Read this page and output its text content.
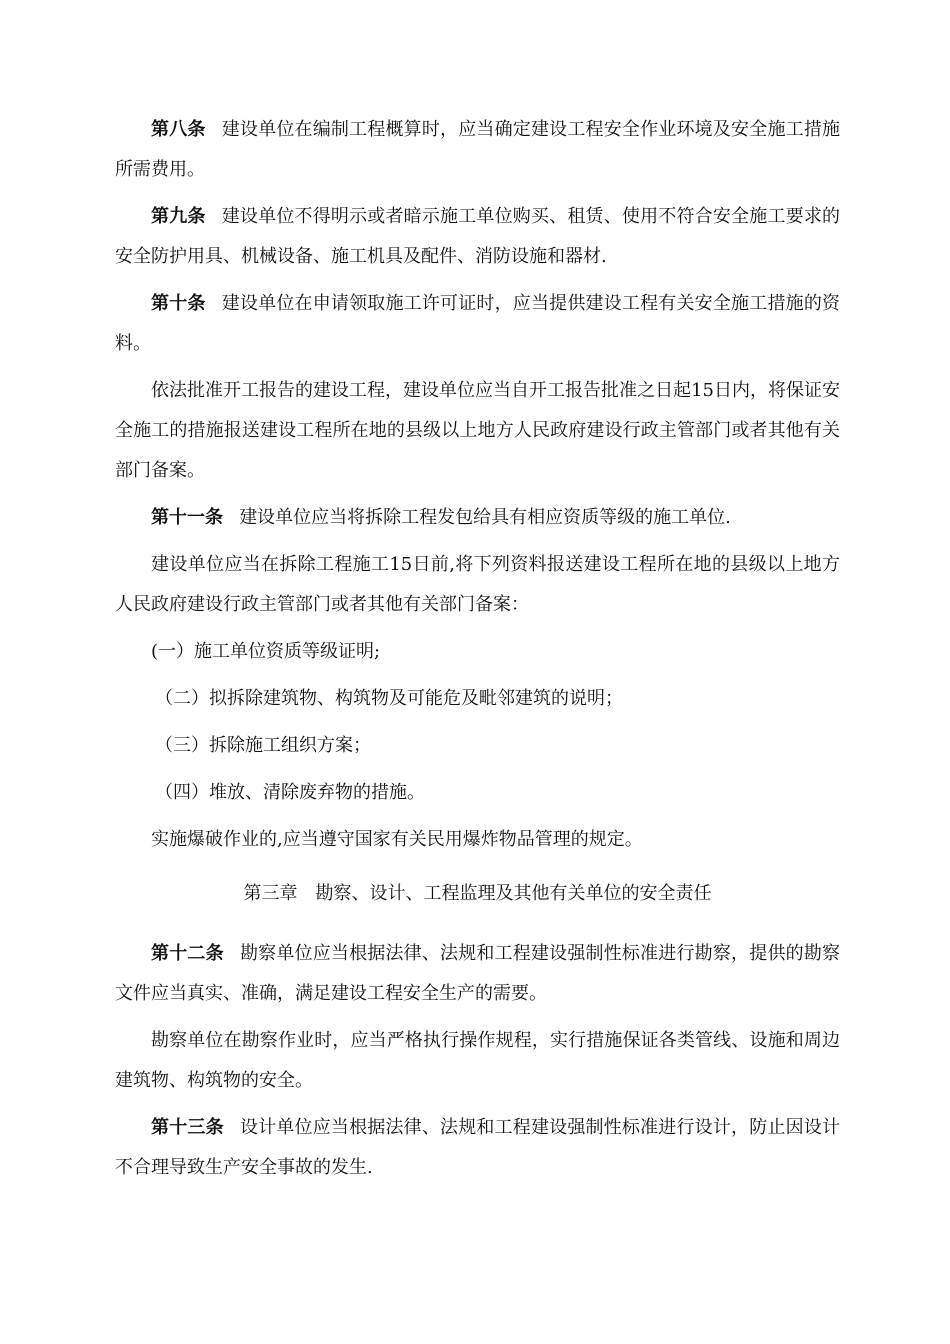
第八条 建设单位在编制工程概算时，应当确定建设工程安全作业环境及安全施工措施所需费用。

第九条 建设单位不得明示或者暗示施工单位购买、租赁、使用不符合安全施工要求的安全防护用具、机械设备、施工机具及配件、消防设施和器材.

第十条 建设单位在申请领取施工许可证时，应当提供建设工程有关安全施工措施的资料。

依法批准开工报告的建设工程，建设单位应当自开工报告批准之日起15日内，将保证安全施工的措施报送建设工程所在地的县级以上地方人民政府建设行政主管部门或者其他有关部门备案。

第十一条 建设单位应当将拆除工程发包给具有相应资质等级的施工单位.

建设单位应当在拆除工程施工15日前,将下列资料报送建设工程所在地的县级以上地方人民政府建设行政主管部门或者其他有关部门备案：

(一）施工单位资质等级证明;

（二）拟拆除建筑物、构筑物及可能危及毗邻建筑的说明；

（三）拆除施工组织方案；

（四）堆放、清除废弃物的措施。

实施爆破作业的,应当遵守国家有关民用爆炸物品管理的规定。

第三章　勘察、设计、工程监理及其他有关单位的安全责任

第十二条 勘察单位应当根据法律、法规和工程建设强制性标准进行勘察，提供的勘察文件应当真实、准确，满足建设工程安全生产的需要。

勘察单位在勘察作业时，应当严格执行操作规程，实行措施保证各类管线、设施和周边建筑物、构筑物的安全。

第十三条 设计单位应当根据法律、法规和工程建设强制性标准进行设计，防止因设计不合理导致生产安全事故的发生.
